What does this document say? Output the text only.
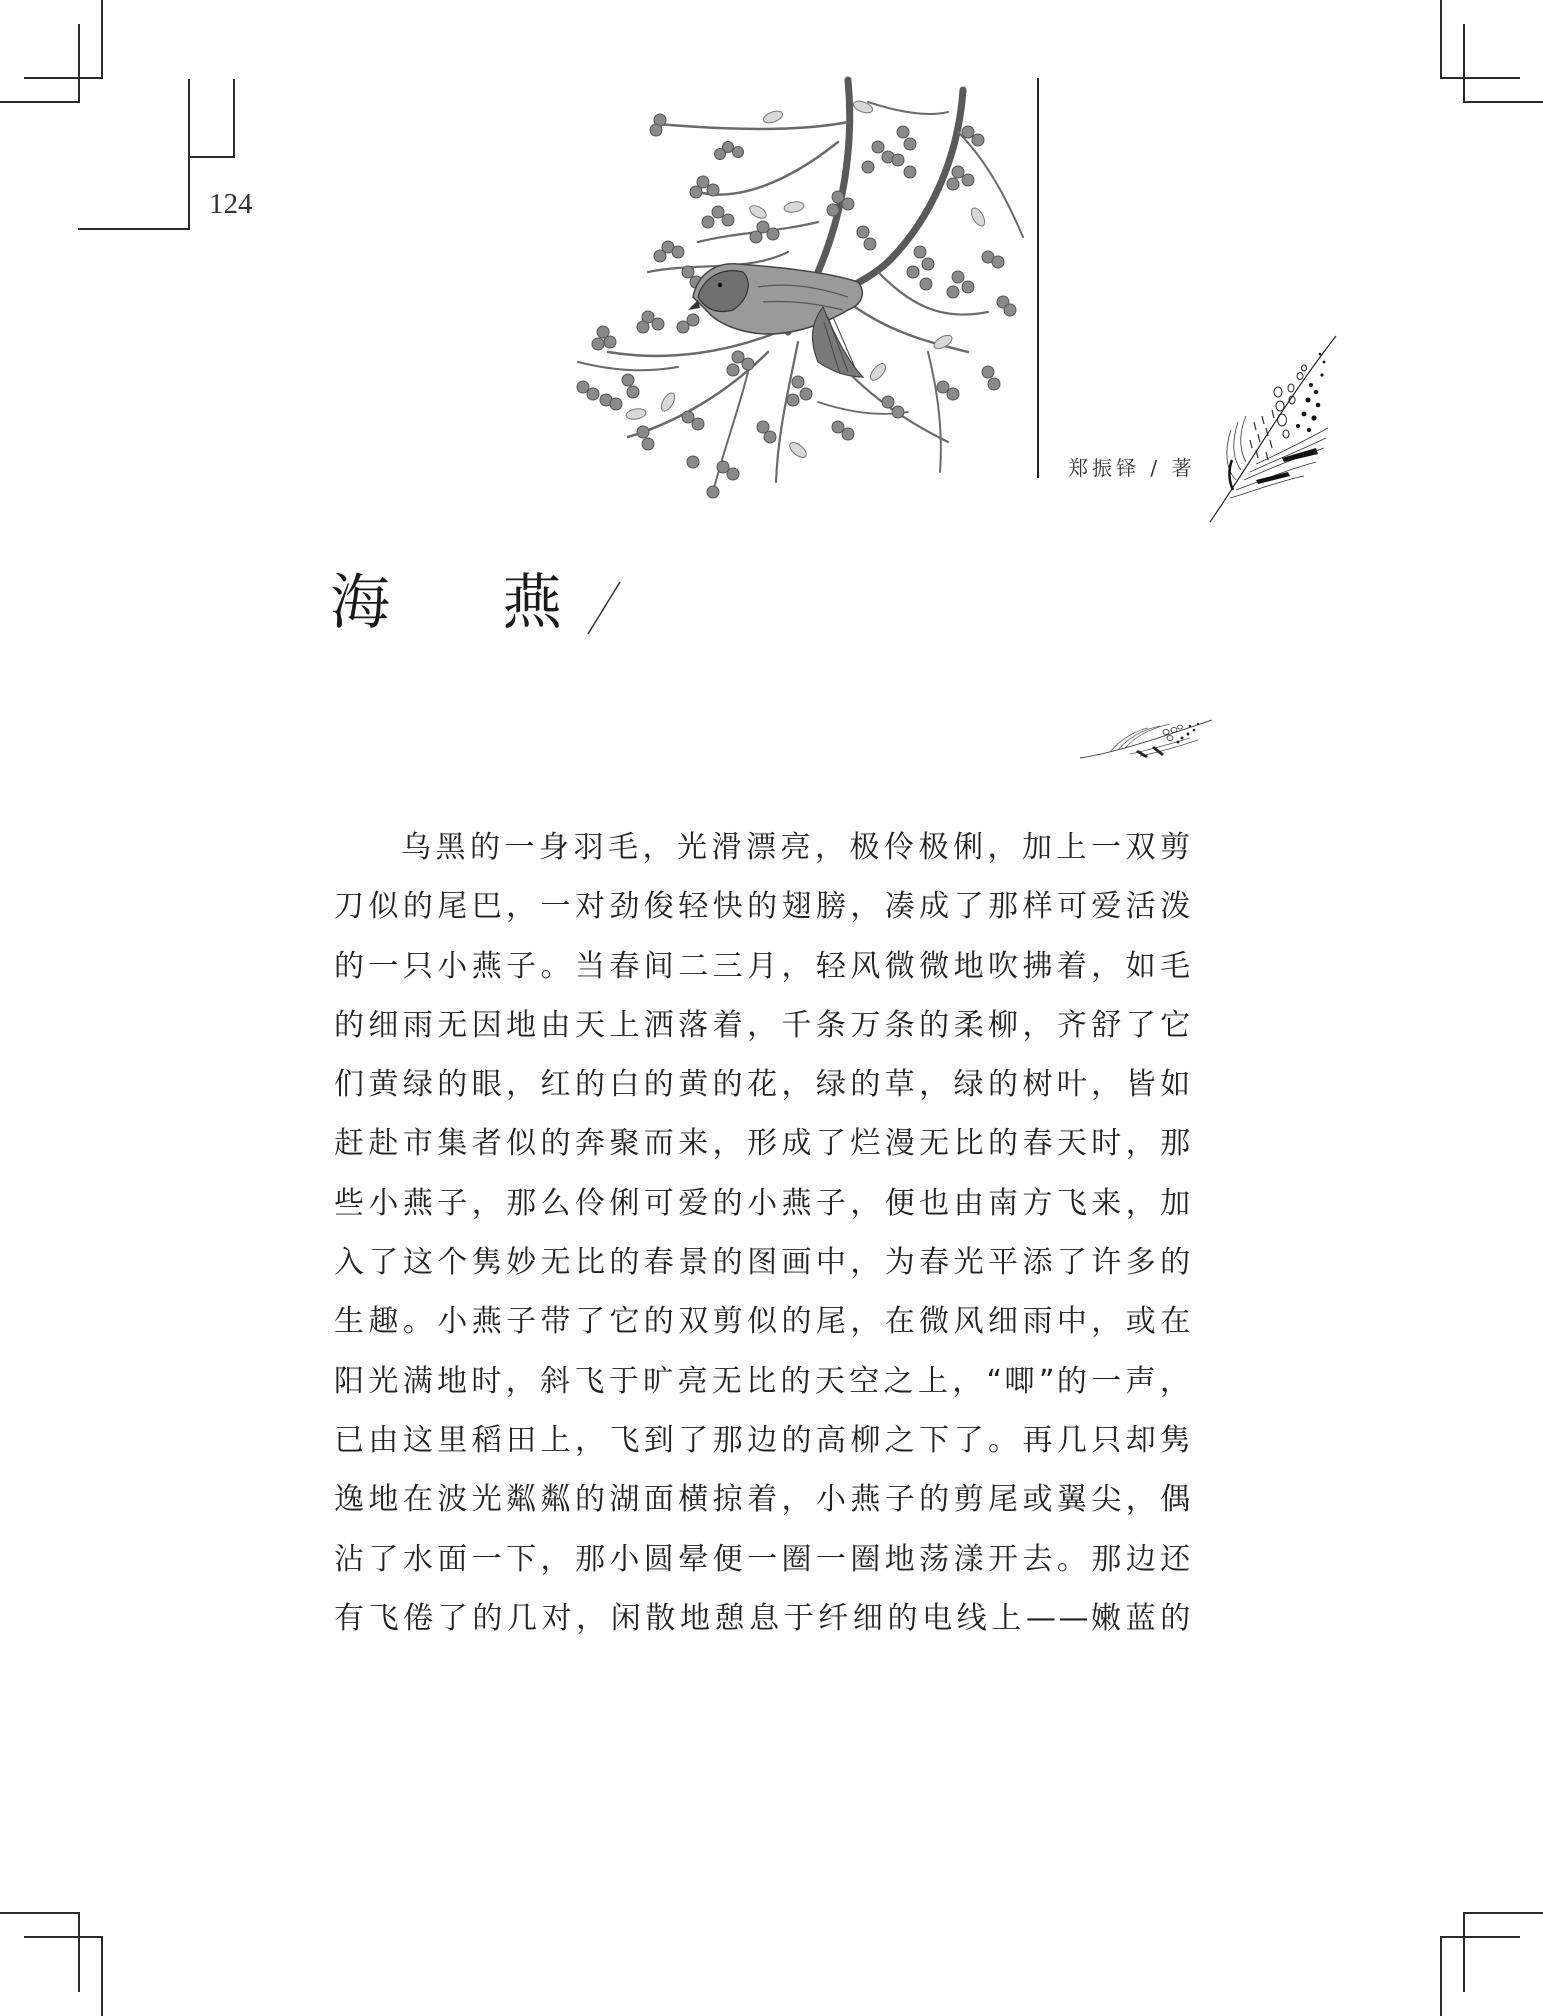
124
郑振铎 / 著
海 燕
乌​ 黑​ 的​ 一​ 身​ 羽​ 毛​ ，​ 光​ 滑​ 漂​ 亮​ ，​ 极​ 伶​ 极​ 俐​ ，​ 加​ 上​ 一​ 双​ 剪
刀​ 似​ 的​ 尾​ 巴​ ，​ 一​ 对​ 劲​ 俊​ 轻​ 快​ 的​ 翅​ 膀​ ，​ 凑​ 成​ 了​ 那​ 样​ 可​ 爱​ 活​ 泼
的​ 一​ 只​ 小​ 燕​ 子​ 。​ 当​ 春​ 间​ 二​ 三​ 月​ ，​ 轻​ 风​ 微​ 微​ 地​ 吹​ 拂​ 着​ ，​ 如​ 毛
的​ 细​ 雨​ 无​ 因​ 地​ 由​ 天​ 上​ 洒​ 落​ 着​ ，​ 千​ 条​ 万​ 条​ 的​ 柔​ 柳​ ，​ 齐​ 舒​ 了​ 它
们​ 黄​ 绿​ 的​ 眼​ ，​ 红​ 的​ 白​ 的​ 黄​ 的​ 花​ ，​ 绿​ 的​ 草​ ，​ 绿​ 的​ 树​ 叶​ ，​ 皆​ 如
赶​ 赴​ 市​ 集​ 者​ 似​ 的​ 奔​ 聚​ 而​ 来​ ，​ 形​ 成​ 了​ 烂​ 漫​ 无​ 比​ 的​ 春​ 天​ 时​ ，​ 那
些​ 小​ 燕​ 子​ ，​ 那​ 么​ 伶​ 俐​ 可​ 爱​ 的​ 小​ 燕​ 子​ ，​ 便​ 也​ 由​ 南​ 方​ 飞​ 来​ ，​ 加
入​ 了​ 这​ 个​ 隽​ 妙​ 无​ 比​ 的​ 春​ 景​ 的​ 图​ 画​ 中​ ，​ 为​ 春​ 光​ 平​ 添​ 了​ 许​ 多​ 的
生​ 趣​ 。​ 小​ 燕​ 子​ 带​ 了​ 它​ 的​ 双​ 剪​ 似​ 的​ 尾​ ，​ 在​ 微​ 风​ 细​ 雨​ 中​ ，​ 或​ 在
阳​ 光​ 满​ 地​ 时​ ，​ 斜​ 飞​ 于​ 旷​ 亮​ 无​ 比​ 的​ 天​ 空​ 之​ 上​ ，​ “​ 唧​ ”​ 的​ 一​ 声​ ，
已​ 由​ 这​ 里​ 稻​ 田​ 上​ ，​ 飞​ 到​ 了​ 那​ 边​ 的​ 高​ 柳​ 之​ 下​ 了​ 。​ 再​ 几​ 只​ 却​ 隽
逸​ 地​ 在​ 波​ 光​ 粼​ 粼​ 的​ 湖​ 面​ 横​ 掠​ 着​ ，​ 小​ 燕​ 子​ 的​ 剪​ 尾​ 或​ 翼​ 尖​ ，​ 偶
沾​ 了​ 水​ 面​ 一​ 下​ ，​ 那​ 小​ 圆​ 晕​ 便​ 一​ 圈​ 一​ 圈​ 地​ 荡​ 漾​ 开​ 去​ 。​ 那​ 边​ 还
有​ 飞​ 倦​ 了​ 的​ 几​ 对​ ，​ 闲​ 散​ 地​ 憩​ 息​ 于​ 纤​ 细​ 的​ 电​ 线​ 上​ —​ —​ 嫩​ 蓝​ 的
